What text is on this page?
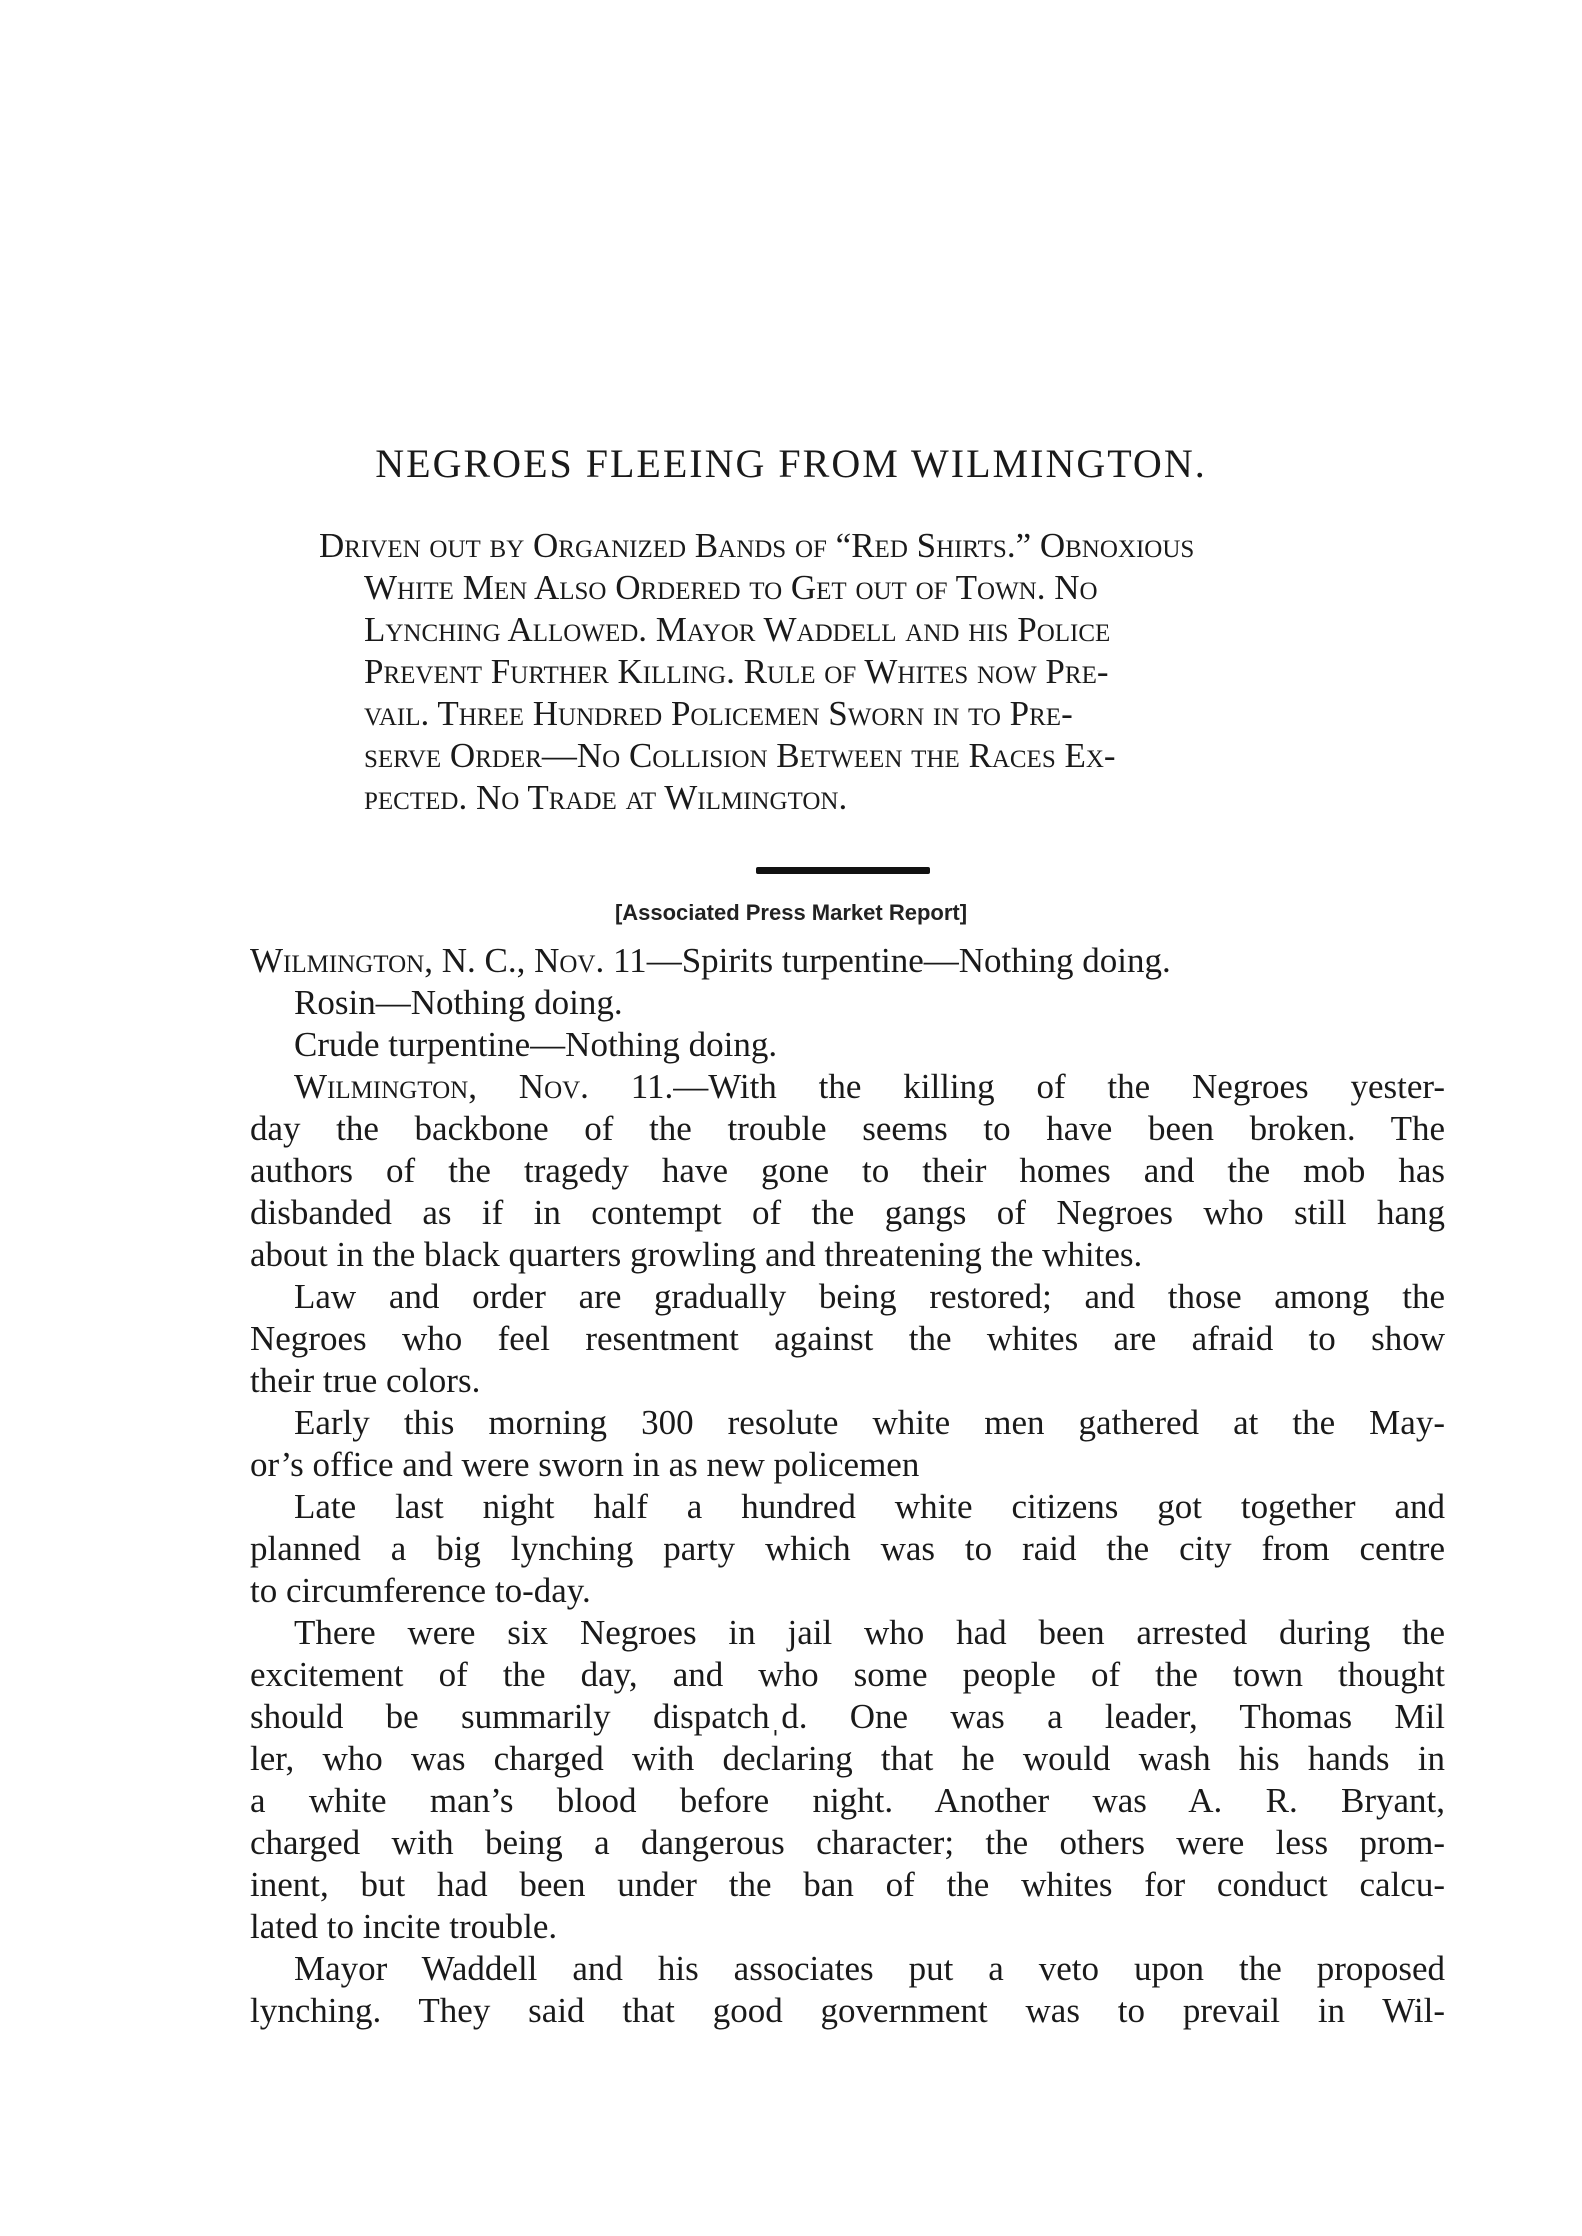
NEGROES FLEEING FROM WILMINGTON.
Driven out by Organized Bands of “Red Shirts.” Obnoxious
White Men Also Ordered to Get out of Town. No
Lynching Allowed. Mayor Waddell and his Police
Prevent Further Killing. Rule of Whites now Pre-
vail. Three Hundred Policemen Sworn in to Pre-
serve Order—No Collision Between the Races Ex-
pected. No Trade at Wilmington.

[Associated Press Market Report]

Wilmington, N. C., Nov. 11—Spirits turpentine—Nothing doing.
Rosin—Nothing doing.
Crude turpentine—Nothing doing.
Wilmington, Nov. 11.—With the killing of the Negroes yester-
day the backbone of the trouble seems to have been broken. The
authors of the tragedy have gone to their homes and the mob has
disbanded as if in contempt of the gangs of Negroes who still hang
about in the black quarters growling and threatening the whites.
Law and order are gradually being restored; and those among the
Negroes who feel resentment against the whites are afraid to show
their true colors.
Early this morning 300 resolute white men gathered at the May-
or’s office and were sworn in as new policemen
Late last night half a hundred white citizens got together and
planned a big lynching party which was to raid the city from centre
to circumference to-day.
There were six Negroes in jail who had been arrested during the
excitement of the day, and who some people of the town thought
should be summarily dispatchˌd. One was a leader, Thomas Mil
ler, who was charged with declaring that he would wash his hands in
a white man’s blood before night. Another was A. R. Bryant,
charged with being a dangerous character; the others were less prom-
inent, but had been under the ban of the whites for conduct calcu-
lated to incite trouble.
Mayor Waddell and his associates put a veto upon the proposed
lynching. They said that good government was to prevail in Wil-
